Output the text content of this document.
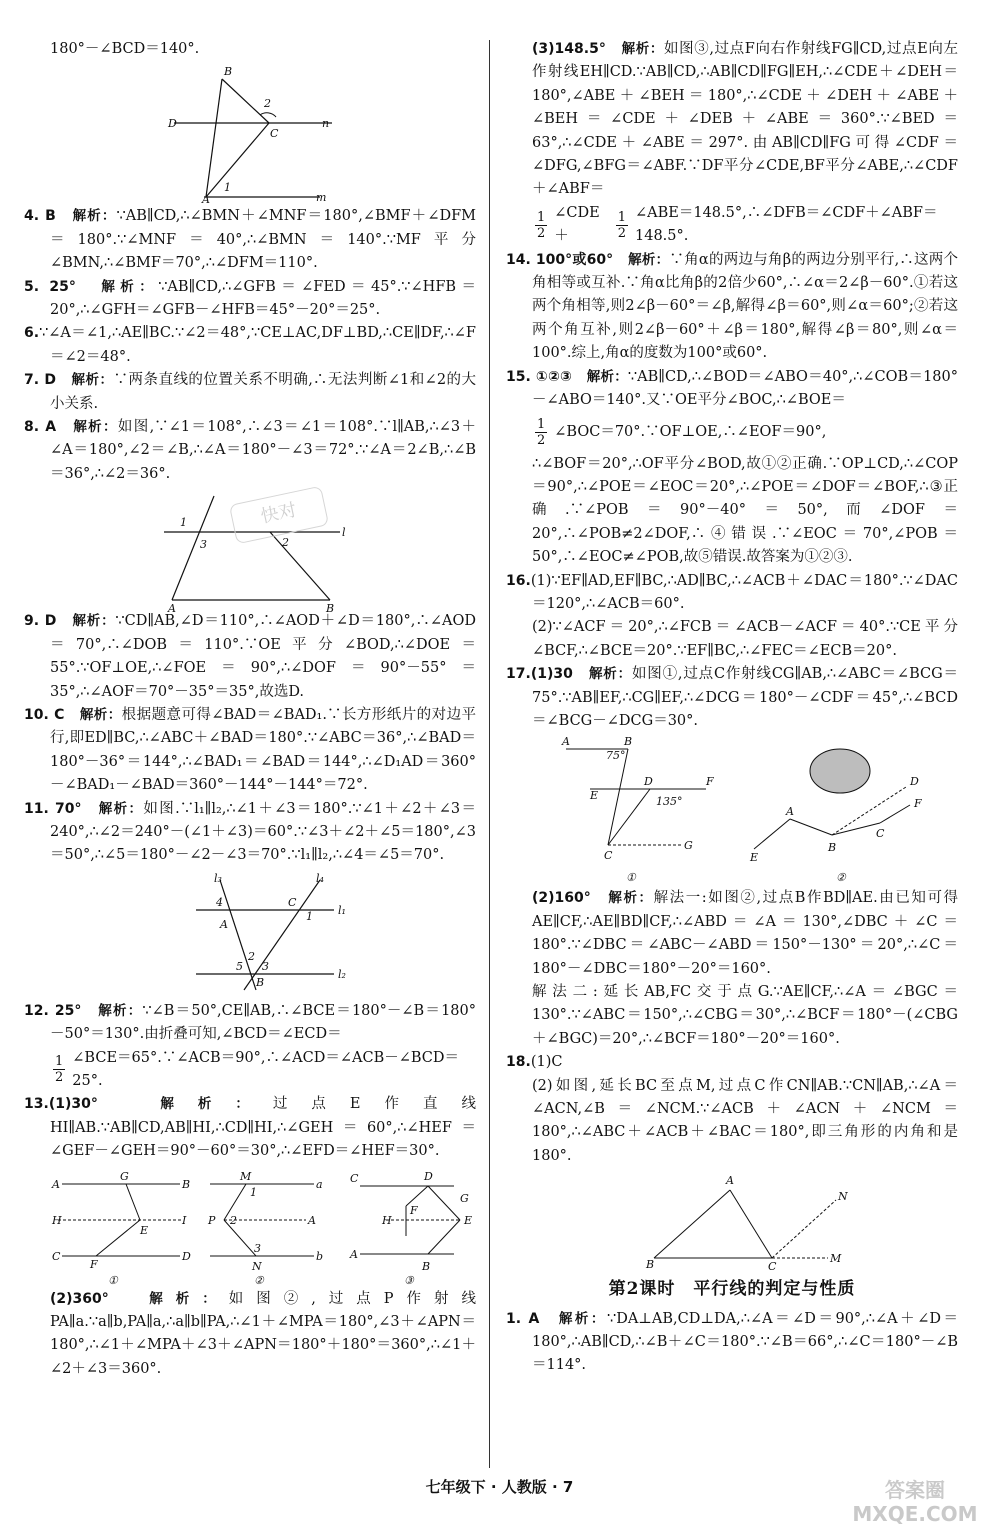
180°－∠BCD＝140°.

B
D	n
C
2
1
A	m

4. B　 解析：∵AB∥CD,∴∠BMN＋∠MNF＝180°,∠BMF＋∠DFM＝180°.∵∠MNF＝40°,∴∠BMN＝140°.∵MF平分∠BMN,∴∠BMF＝70°,∴∠DFM＝110°.

5. 25°　 解析：∵AB∥CD,∴∠GFB＝∠FED＝45°.∵∠HFB＝20°,∴∠GFH＝∠GFB－∠HFB＝45°－20°＝25°.

6.∵∠A＝∠1,∴AE∥BC.∵∠2＝48°,∵CE⊥AC,DF⊥BD,∴CE∥DF,∴∠F＝∠2＝48°.

7. D　 解析：∵两条直线的位置关系不明确,∴无法判断∠1和∠2的大小关系.

8. A　 解析：如图,∵∠1＝108°,∴∠3＝∠1＝108°.∵l∥AB,∴∠3＋∠A＝180°,∠2＝∠B,∴∠A＝180°－∠3＝72°.∵∠A＝2∠B,∴∠B＝36°,∴∠2＝36°.

1
3	2
l
A	B

9. D　 解析：∵CD∥AB,∠D＝110°,∴∠AOD＋∠D＝180°,∴∠AOD＝70°,∴∠DOB＝110°.∵OE平分∠BOD,∴∠DOE＝55°.∵OF⊥OE,∴∠FOE＝90°,∴∠DOF＝90°－55°＝35°,∴∠AOF＝70°－35°＝35°,故选D.

10. C　 解析：根据题意可得∠BAD＝∠BAD₁.∵长方形纸片的对边平行,即ED∥BC,∴∠ABC＋∠BAD＝180°.∵∠ABC＝36°,∴∠BAD＝180°－36°＝144°,∴∠BAD₁＝∠BAD＝144°,∴∠D₁AD＝360°－∠BAD₁－∠BAD＝360°－144°－144°＝72°.

11. 70°　 解析：如图.∵l₁∥l₂,∴∠1＋∠3＝180°.∵∠1＋∠2＋∠3＝240°,∴∠2＝240°－(∠1＋∠3)＝60°.∵∠3＋∠2＋∠5＝180°,∠3＝50°,∴∠5＝180°－∠2－∠3＝70°.∵l₁∥l₂,∴∠4＝∠5＝70°.

l₃	l₄
4
A
C
1 l₁
5
2
3
B
l₂

12. 25°　 解析：∵∠B＝50°,CE∥AB,∴∠BCE＝180°－∠B＝180°－50°＝130°.由折叠可知,∠BCD＝∠ECD＝

$\frac{1}{2}$ ∠BCE＝65°.∵∠ACB＝90°,∴∠ACD＝∠ACB－∠BCD＝25°.

13.(1)30°　	解析：过点E作直线HI∥AB.∵AB∥CD,AB∥HI,∴CD∥HI,∴∠GEH＝60°,∴∠HEF＝∠GEF－∠GEH＝90°－60°＝30°,∴∠EFD＝∠HEF＝30°.

A
G
B
H
E
I
C
F
D
①
M
a
P 2
1
3
A
N
b
②
C	D
G
H
F
E
A
B
③

(2)360°　	解析：如图②,过点P作射线PA∥a.∵a∥b,PA∥a,∴a∥b∥PA,∴∠1＋∠MPA＝180°,∠3＋∠APN＝180°,∴∠1＋∠MPA＋∠3＋∠APN＝180°＋180°＝360°,∴∠1＋∠2＋∠3＝360°.

快对

(3)148.5°　 解析：如图③,过点F向右作射线FG∥CD,过点E向左作射线EH∥CD.∵AB∥CD,∴AB∥CD∥FG∥EH,∴∠CDE＋∠DEH＝180°,∠ABE＋∠BEH＝180°,∴∠CDE＋∠DEH＋∠ABE＋∠BEH＝∠CDE＋∠DEB＋∠ABE＝360°.∵∠BED＝63°,∴∠CDE＋∠ABE＝297°.由AB∥CD∥FG可得∠CDF＝∠DFG,∠BFG＝∠ABF.∵DF平分∠CDE,BF平分∠ABE,∴∠CDF＋∠ABF＝

$\frac{1}{2}$ ∠CDE＋	$\frac{1}{2}$ ∠ABE＝148.5°,∴∠DFB＝∠CDF＋∠ABF＝148.5°.

14. 100°或60°　 解析：∵角α的两边与角β的两边分别平行,∴这两个角相等或互补.∵角α比角β的2倍少60°,∴∠α＝2∠β－60°.①若这两个角相等,则2∠β－60°＝∠β,解得∠β＝60°,则∠α＝60°;②若这两个角互补,则2∠β－60°＋∠β＝180°,解得∠β＝80°,则∠α＝100°.综上,角α的度数为100°或60°.

15. ①②③　 解析：∵AB∥CD,∴∠BOD＝∠ABO＝40°,∴∠COB＝180°－∠ABO＝140°.又∵OE平分∠BOC,∴∠BOE＝

$\frac{1}{2}$ ∠BOC＝70°.∵OF⊥OE,∴∠EOF＝90°,

∴∠BOF＝20°,∴OF平分∠BOD,故①②正确.∵OP⊥CD,∴∠COP＝90°,∴∠POE＝∠EOC＝20°,∴∠POE＝∠DOF＝∠BOF,∴③正确.∵∠POB＝90°－40°＝50°,而∠DOF＝20°,∴∠POB≠2∠DOF,∴④错误.∵∠EOC＝70°,∠POB＝50°,∴∠EOC≠∠POB,故⑤错误.故答案为①②③.

16.(1)∵EF∥AD,EF∥BC,∴AD∥BC,∴∠ACB＋∠DAC＝180°.∵∠DAC＝120°,∴∠ACB＝60°.

(2)∵∠ACF＝20°,∴∠FCB＝∠ACB－∠ACF＝40°.∵CE平分∠BCF,∴∠BCE＝20°.∵EF∥BC,∴∠FEC＝∠ECB＝20°.

17.(1)30　 解析：如图①,过点C作射线CG∥AB,∴∠ABC＝∠BCG＝75°.∵AB∥EF,∴CG∥EF,∴∠DCG＝180°－∠CDF＝45°,∴∠BCD＝∠BCG－∠DCG＝30°.

A	B
75°
E
D
135°
F
C
G
①
A
E
B
C
D
F
②

(2)160°　 解析：解法一:如图②,过点B作BD∥AE.由已知可得AE∥CF,∴AE∥BD∥CF,∴∠ABD＝∠A＝130°,∠DBC＋∠C＝180°.∵∠DBC＝∠ABC－∠ABD＝150°－130°＝20°,∴∠C＝180°－∠DBC＝180°－20°＝160°.

解法二:延长AB,FC交于点G.∵AE∥CF,∴∠A＝∠BGC＝130°.∵∠ABC＝150°,∴∠CBG＝30°,∴∠BCF＝180°－(∠CBG＋∠BGC)＝20°,∴∠BCF＝180°－20°＝160°.

18.(1)C

(2)如图,延长BC至点M,过点C作CN∥AB.∵CN∥AB,∴∠A＝∠ACN,∠B＝∠NCM.∵∠ACB＋∠ACN＋∠NCM＝180°,∴∠ABC＋∠ACB＋∠BAC＝180°,即三角形的内角和是180°.

A
B	C
M
N
第2课时　平行线的判定与性质

1. A　 解析：∵DA⊥AB,CD⊥DA,∴∠A＝∠D＝90°,∴∠A＋∠D＝180°,∴AB∥CD,∴∠B＋∠C＝180°.∵∠B＝66°,∴∠C＝180°－∠B＝114°.

七年级下 · 人教版 · 7	答案圈 MXQE.COM
